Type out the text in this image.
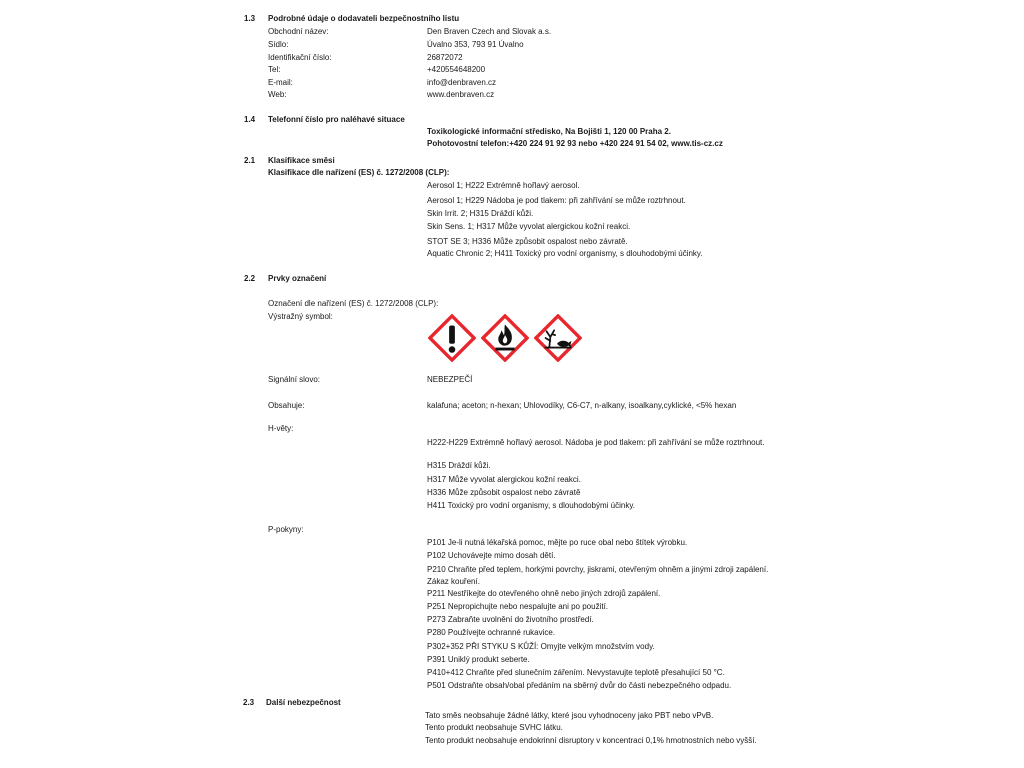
1.3 Podrobné údaje o dodavateli bezpečnostního listu
Obchodní název:	Den Braven Czech and Slovak a.s.
Sídlo:	Úvalno 353, 793 91 Úvalno
Identifikační číslo:	26872072
Tel:	+420554648200
E-mail:	info@denbraven.cz
Web:	www.denbraven.cz
1.4 Telefonní číslo pro naléhavé situace
Toxikologické informační středisko, Na Bojišti 1, 120 00 Praha 2.
Pohotovostní telefon:+420 224 91 92 93 nebo +420 224 91 54 02, www.tis-cz.cz
2.1 Klasifikace směsi
Klasifikace dle nařízení (ES) č. 1272/2008 (CLP):
Aerosol 1; H222 Extrémně hořlavý aerosol.
Aerosol 1; H229 Nádoba je pod tlakem: při zahřívání se může roztrhnout.
Skin Irrit. 2; H315 Dráždí kůži.
Skin Sens. 1; H317 Může vyvolat alergickou kožní reakci.
STOT SE 3; H336 Může způsobit ospalost nebo závratě.
Aquatic Chronic 2; H411 Toxický pro vodní organismy, s dlouhodobými účinky.
2.2 Prvky označení
Označení dle nařízení (ES) č. 1272/2008 (CLP):
Výstražný symbol:
Signální slovo:	NEBEZPEČÍ
Obsahuje:	kalafuna; aceton; n-hexan; Uhlovodíky, C6-C7, n-alkany, isoalkany,cyklické, <5% hexan
H-věty:
H222-H229 Extrémně hořlavý aerosol. Nádoba je pod tlakem: při zahřívání se může roztrhnout.
H315 Dráždí kůži.
H317 Může vyvolat alergickou kožní reakci.
H336 Může způsobit ospalost nebo závratě
H411 Toxický pro vodní organismy, s dlouhodobými účinky.
P-pokyny:
P101 Je-li nutná lékařská pomoc, mějte po ruce obal nebo štítek výrobku.
P102 Uchovávejte mimo dosah dětí.
P210 Chraňte před teplem, horkými povrchy, jiskrami, otevřeným ohněm a jinými zdroji zapálení. Zákaz kouření.
P211 Nestříkejte do otevřeného ohně nebo jiných zdrojů zapálení.
P251 Nepropichujte nebo nespalujte ani po použití.
P273 Zabraňte uvolnění do životního prostředí.
P280 Používejte ochranné rukavice.
P302+352 PŘI STYKU S KŮŽÍ: Omyjte velkým množstvím vody.
P391 Uniklý produkt seberte.
P410+412 Chraňte před slunečním zářením. Nevystavujte teplotě přesahující 50 °C.
P501 Odstraňte obsah/obal předáním na sběrný dvůr do části nebezpečného odpadu.
2.3 Další nebezpečnost
Tato směs neobsahuje žádné látky, které jsou vyhodnoceny jako PBT nebo vPvB.
Tento produkt neobsahuje SVHC látku.
Tento produkt neobsahuje endokrinní disruptory v koncentraci 0,1% hmotnostních nebo vyšší.
